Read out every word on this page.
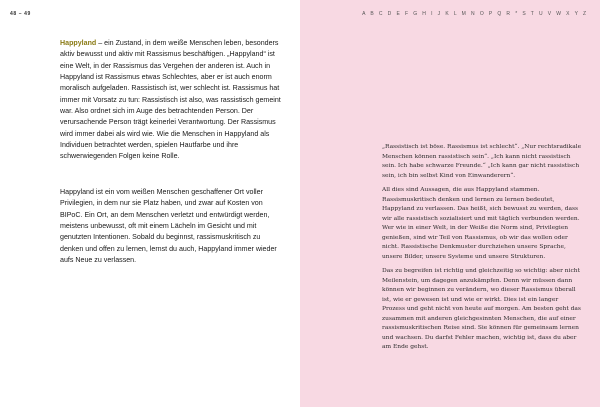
48 – 49

Happyland – ein Zustand, in dem weiße Menschen leben, besonders aktiv bewusst und aktiv mit Rassismus beschäftigen. „Happyland“ ist eine Welt, in der Rassismus das Vergehen der anderen ist. Auch in Happyland ist Rassismus etwas Schlechtes, aber er ist auch enorm moralisch aufgeladen. Rassistisch ist, wer schlecht ist. Rassismus hat immer mit Vorsatz zu tun: Rassistisch ist also, was rassistisch gemeint war. Also ordnet sich im Auge des betrachtenden Person. Der verursachende Person trägt keinerlei Verantwortung. Der Rassismus wird immer dabei als wird wie. Wie die Menschen in Happyland als Individuen betrachtet werden, spielen Hautfarbe und ihre schwerwiegenden Folgen keine Rolle.

Happyland ist ein vom weißen Menschen geschaffener Ort voller Privilegien, in dem nur sie Platz haben, und zwar auf Kosten von BIPoC. Ein Ort, an dem Menschen verletzt und entwürdigt werden, meistens unbewusst, oft mit einem Lächeln im Gesicht und mit genutzten Intentionen. Sobald du beginnst, rassismuskritisch zu denken und offen zu lernen, lernst du auch, Happyland immer wieder aufs Neue zu verlassen.

A B C D E F G H I J K L M N O P Q R * S T U V W X Y Z

„Rassistisch ist böse. Rassismus ist schlecht“. „Nur rechtsradikale Menschen können rassistisch sein“. „Ich kann nicht rassistisch sein. Ich habe schwarze Freunde.“ „Ich kann gar nicht rassistisch sein, ich bin selbst Kind von Einwanderern“.

All dies sind Aussagen, die aus Happyland stammen. Rassismuskritisch denken und lernen zu lernen bedeutet, Happyland zu verlassen. Das heißt, sich bewusst zu werden, dass wir alle rassistisch sozialisiert und mit täglich verbunden werden. Wer wie in einer Welt, in der Weiße die Norm sind, Privilegien genießen, sind wir Teil von Rassismus, ob wir das wollen oder nicht. Rassistische Denkmuster durchziehen unsere Sprache, unsere Bilder, unsere Systeme und unsere Strukturen.

Das zu begreifen ist richtig und gleichzeitig so wichtig: aber nicht Meilenstein, um dagegen anzukämpfen. Denn wir müssen dann können wir beginnen zu verändern, wo dieser Rassismus überall ist, wie er gewesen ist und wie er wirkt. Dies ist ein langer Prozess und geht nicht von heute auf morgen. Am besten geht das zusammen mit anderen gleichgesinnten Menschen, die auf einer rassismuskritischen Reise sind. Sie können für gemeinsam lernen und wachsen. Du darfst Fehler machen, wichtig ist, dass du aber am Ende gehst.
